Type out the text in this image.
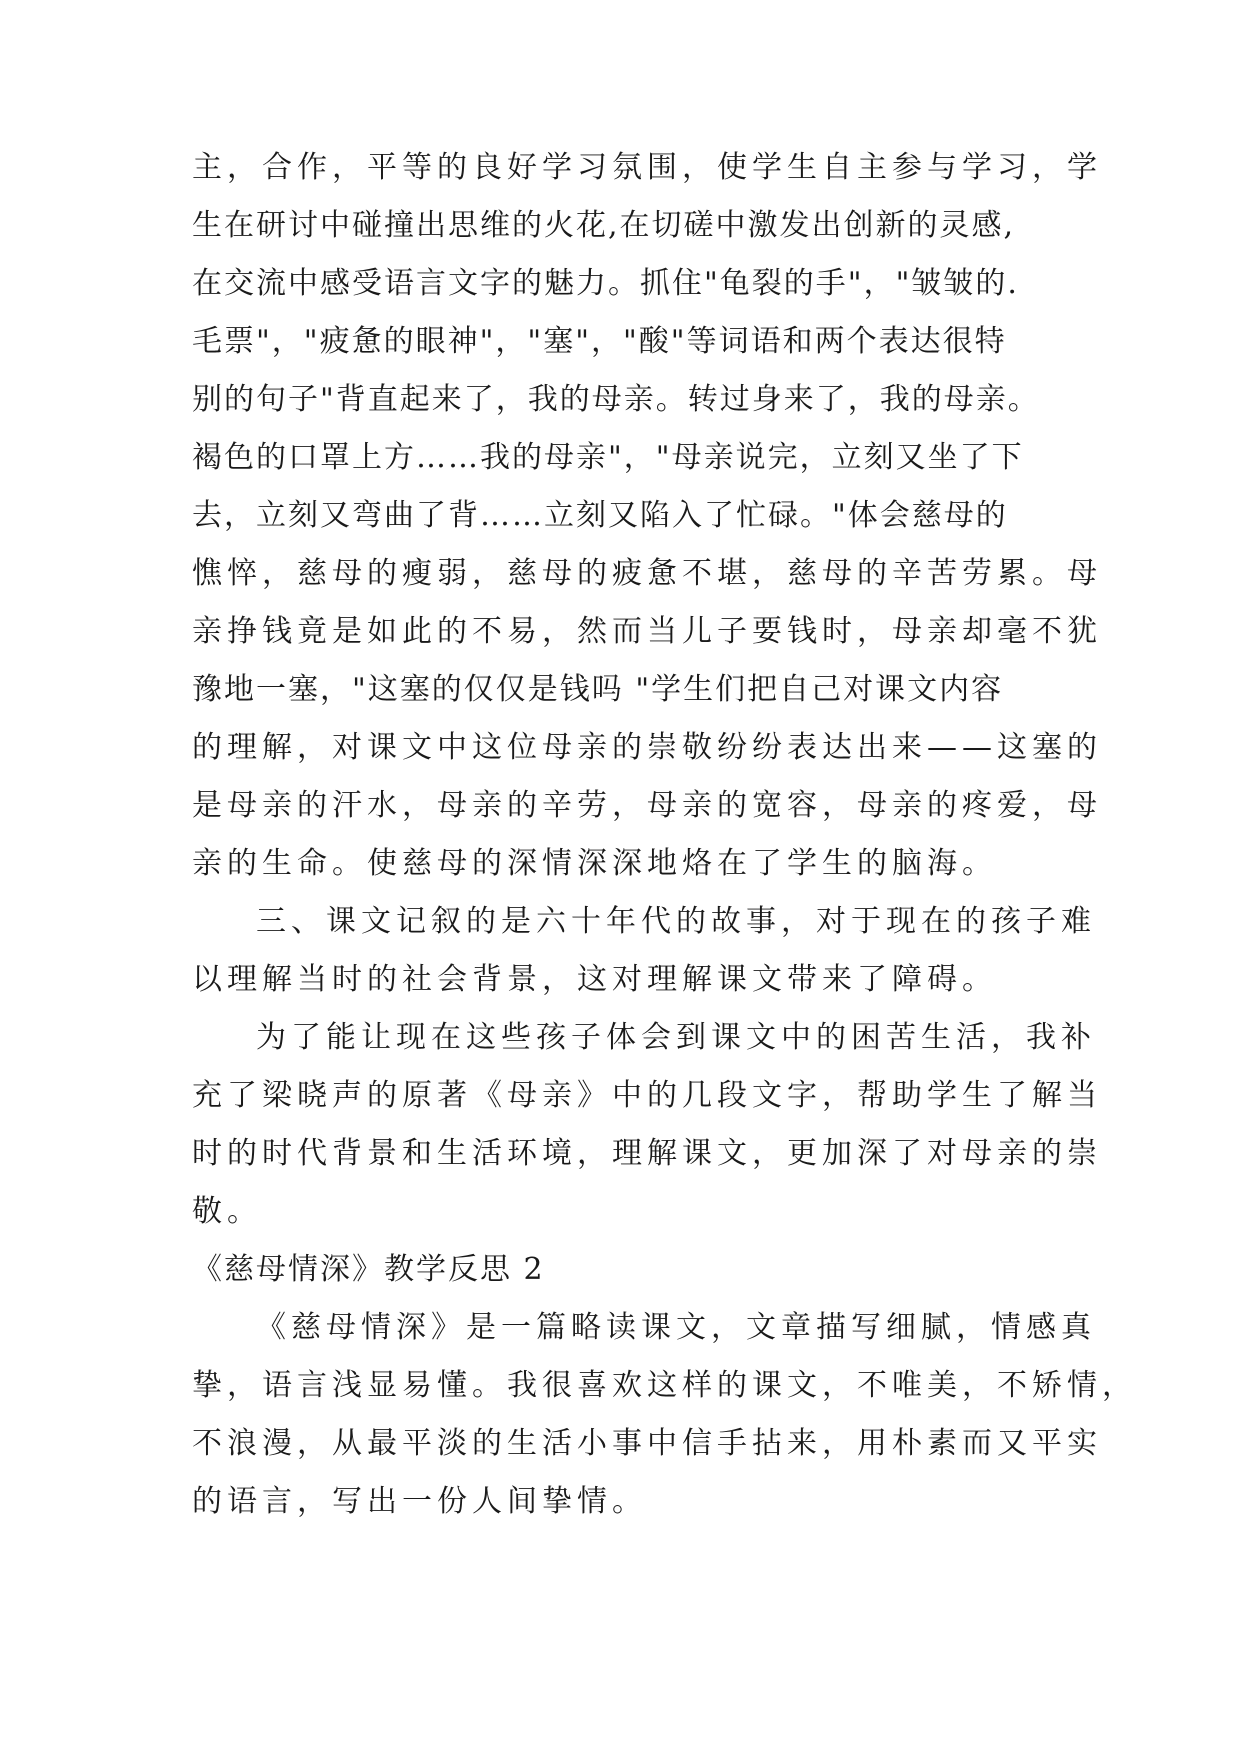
主，合作，平等的良好学习氛围，使学生自主参与学习，学
生在研讨中碰撞出思维的火花,在切磋中激发出创新的灵感,
在交流中感受语言文字的魅力。抓住"龟裂的手"，"皱皱的.
毛票"，"疲惫的眼神"，"塞"，"酸"等词语和两个表达很特
别的句子"背直起来了，我的母亲。转过身来了，我的母亲。
褐色的口罩上方……我的母亲"，"母亲说完，立刻又坐了下
去，立刻又弯曲了背……立刻又陷入了忙碌。"体会慈母的
憔悴，慈母的瘦弱，慈母的疲惫不堪，慈母的辛苦劳累。母
亲挣钱竟是如此的不易，然而当儿子要钱时，母亲却毫不犹
豫地一塞，"这塞的仅仅是钱吗 "学生们把自己对课文内容
的理解，对课文中这位母亲的崇敬纷纷表达出来——这塞的
是母亲的汗水，母亲的辛劳，母亲的宽容，母亲的疼爱，母
亲的生命。使慈母的深情深深地烙在了学生的脑海。
三、课文记叙的是六十年代的故事，对于现在的孩子难
以理解当时的社会背景，这对理解课文带来了障碍。
为了能让现在这些孩子体会到课文中的困苦生活，我补
充了梁晓声的原著《母亲》中的几段文字，帮助学生了解当
时的时代背景和生活环境，理解课文，更加深了对母亲的崇
敬。
《慈母情深》教学反思 2
《慈母情深》是一篇略读课文，文章描写细腻，情感真
挚，语言浅显易懂。我很喜欢这样的课文，不唯美，不矫情，
不浪漫，从最平淡的生活小事中信手拈来，用朴素而又平实
的语言，写出一份人间挚情。
